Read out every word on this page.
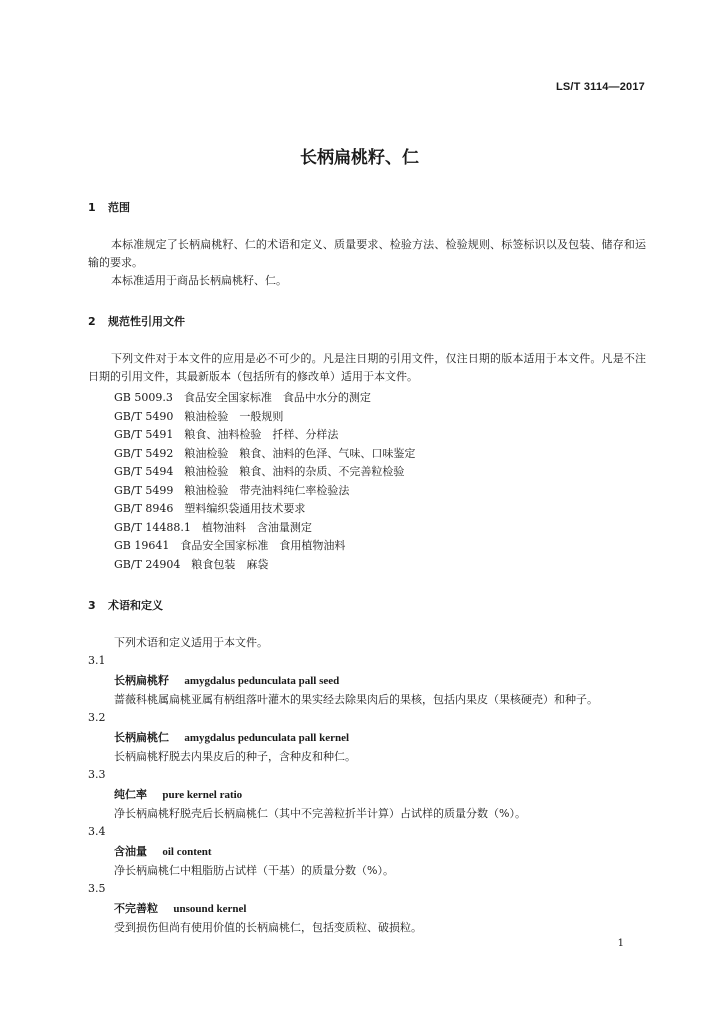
LS/T 3114—2017
长柄扁桃籽、仁
1 范围
本标准规定了长柄扁桃籽、仁的术语和定义、质量要求、检验方法、检验规则、标签标识以及包装、储存和运输的要求。
本标准适用于商品长柄扁桃籽、仁。
2 规范性引用文件
下列文件对于本文件的应用是必不可少的。凡是注日期的引用文件，仅注日期的版本适用于本文件。凡是不注日期的引用文件，其最新版本（包括所有的修改单）适用于本文件。
GB 5009.3　食品安全国家标准　食品中水分的测定
GB/T 5490　粮油检验　一般规则
GB/T 5491　粮食、油料检验　扦样、分样法
GB/T 5492　粮油检验　粮食、油料的色泽、气味、口味鉴定
GB/T 5494　粮油检验　粮食、油料的杂质、不完善粒检验
GB/T 5499　粮油检验　带壳油料纯仁率检验法
GB/T 8946　塑料编织袋通用技术要求
GB/T 14488.1　植物油料　含油量测定
GB 19641　食品安全国家标准　食用植物油料
GB/T 24904　粮食包装　麻袋
3 术语和定义
下列术语和定义适用于本文件。
3.1
长柄扁桃籽 amygdalus pedunculata pall seed
蔷薇科桃属扁桃亚属有柄组落叶灌木的果实经去除果肉后的果核，包括内果皮（果核硬壳）和种子。
3.2
长柄扁桃仁 amygdalus pedunculata pall kernel
长柄扁桃籽脱去内果皮后的种子，含种皮和种仁。
3.3
纯仁率 pure kernel ratio
净长柄扁桃籽脱壳后长柄扁桃仁（其中不完善粒折半计算）占试样的质量分数（%）。
3.4
含油量 oil content
净长柄扁桃仁中粗脂肪占试样（干基）的质量分数（%）。
3.5
不完善粒 unsound kernel
受到损伤但尚有使用价值的长柄扁桃仁，包括变质粒、破损粒。
1
